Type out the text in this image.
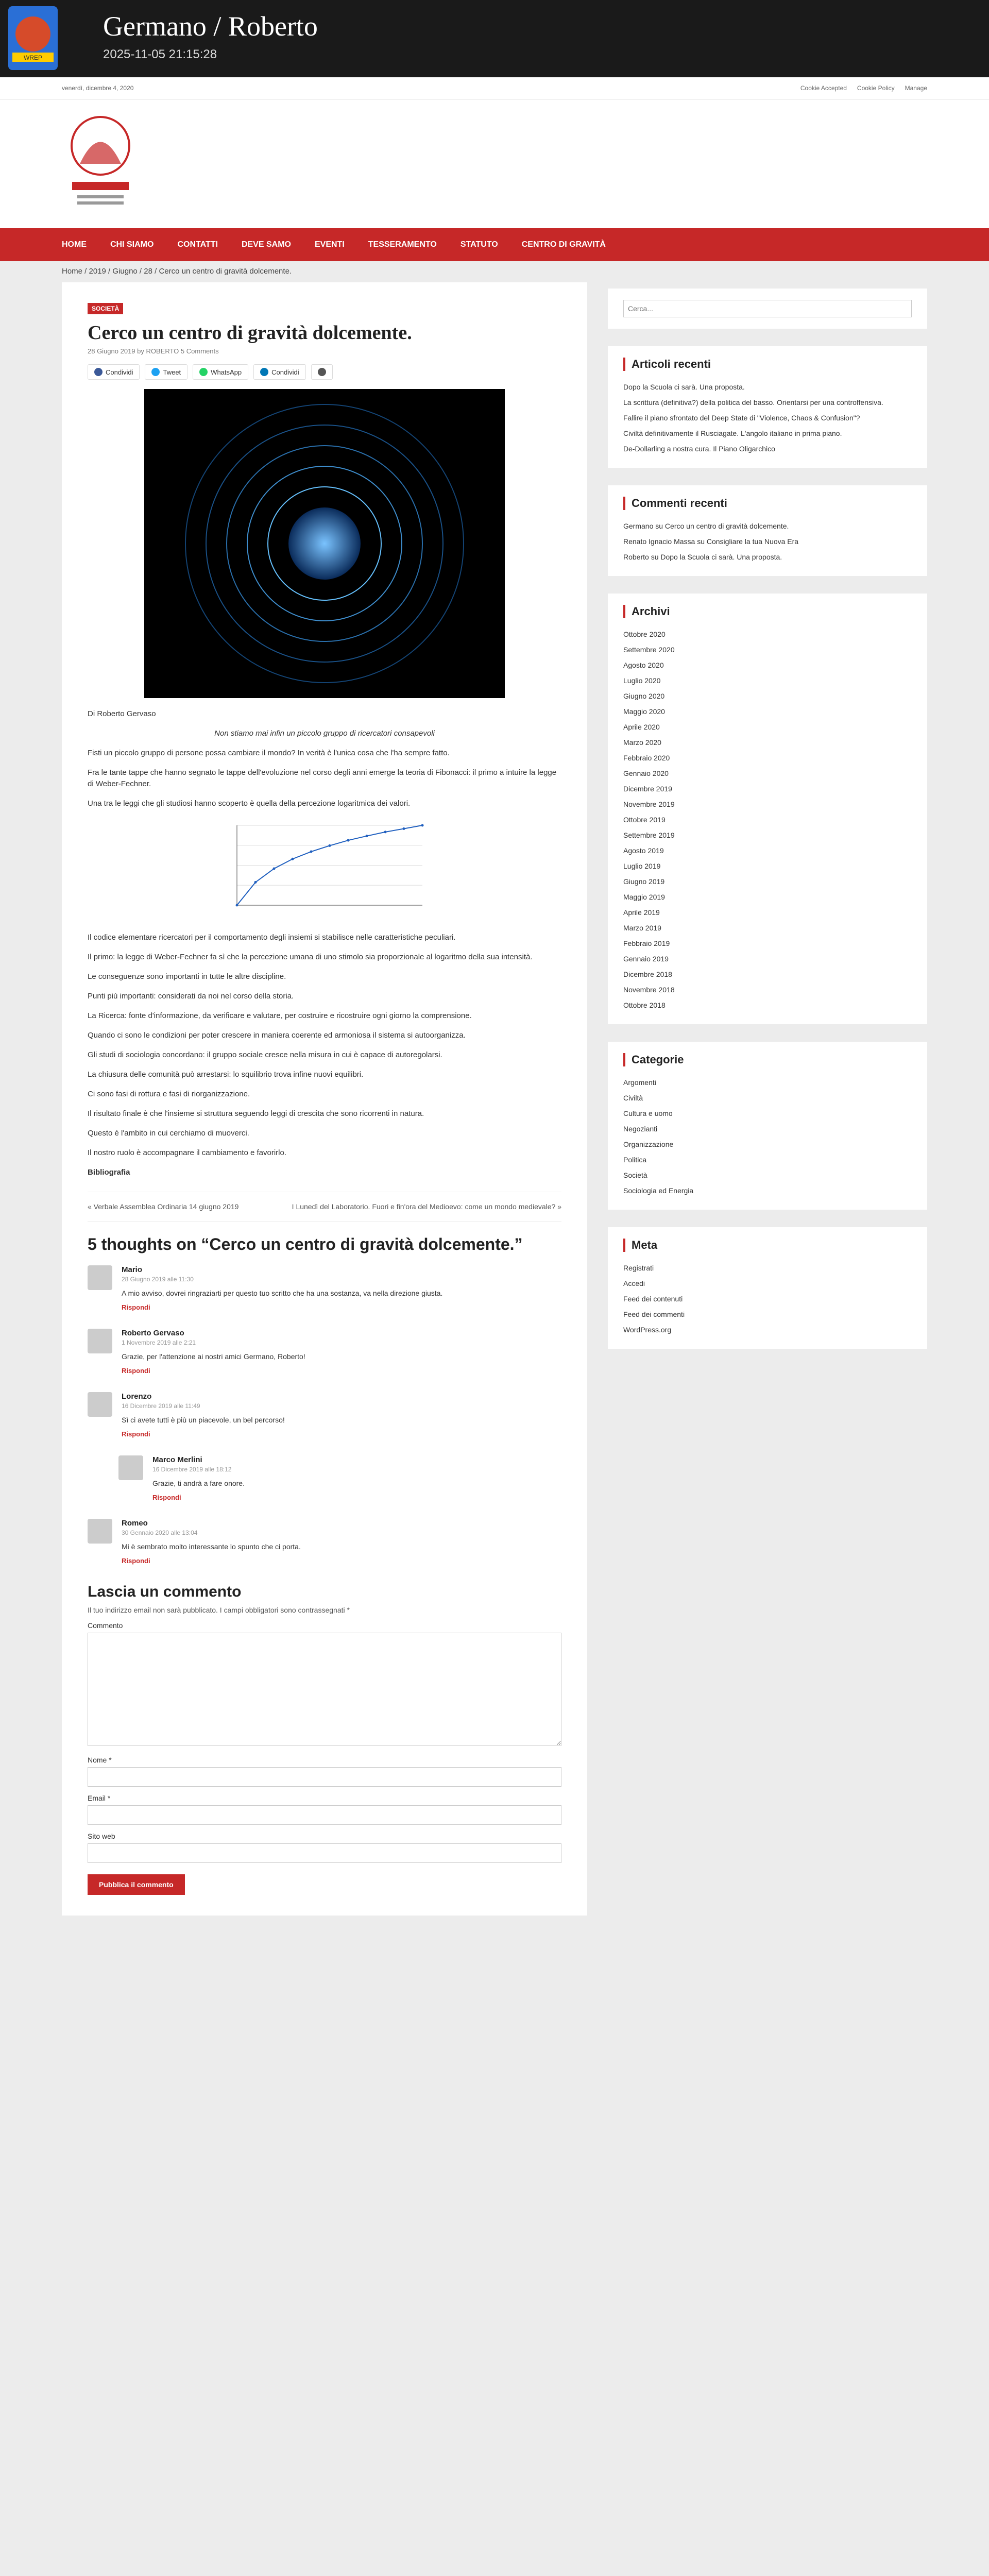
WREP
Germano / Roberto
2025-11-05 21:15:28
venerdì, dicembre 4, 2020	Cookie Accepted Cookie Policy Manage
HOME	CHI SIAMO	CONTATTI	DEVE SAMO	EVENTI	TESSERAMENTO	STATUTO	CENTRO DI GRAVITÀ
Home / 2019 / Giugno / 28 / Cerco un centro di gravità dolcemente.
SOCIETÀ
Cerco un centro di gravità dolcemente.
28 Giugno 2019 by ROBERTO 5 Comments
Condividi	Tweet	WhatsApp	Condividi

Di Roberto Gervaso

Non stiamo mai infin un piccolo gruppo di ricercatori consapevoli

Fisti un piccolo gruppo di persone possa cambiare il mondo? In verità è l'unica cosa che l'ha sempre fatto.

Fra le tante tappe che hanno segnato le tappe dell'evoluzione nel corso degli anni emerge la teoria di Fibonacci: il primo a intuire la legge di Weber-Fechner.

Una tra le leggi che gli studiosi hanno scoperto è quella della percezione logaritmica dei valori.

Il codice elementare ricercatori per il comportamento degli insiemi si stabilisce nelle caratteristiche peculiari.

Il primo: la legge di Weber-Fechner fa sì che la percezione umana di uno stimolo sia proporzionale al logaritmo della sua intensità.

Le conseguenze sono importanti in tutte le altre discipline.

Punti più importanti: considerati da noi nel corso della storia.

La Ricerca: fonte d'informazione, da verificare e valutare, per costruire e ricostruire ogni giorno la comprensione.

Quando ci sono le condizioni per poter crescere in maniera coerente ed armoniosa il sistema si autoorganizza.

Gli studi di sociologia concordano: il gruppo sociale cresce nella misura in cui è capace di autoregolarsi.

La chiusura delle comunità può arrestarsi: lo squilibrio trova infine nuovi equilibri.

Ci sono fasi di rottura e fasi di riorganizzazione.

Il risultato finale è che l'insieme si struttura seguendo leggi di crescita che sono ricorrenti in natura.

Questo è l'ambito in cui cerchiamo di muoverci.

Il nostro ruolo è accompagnare il cambiamento e favorirlo.

Bibliografia

« Verbale Assemblea Ordinaria 14 giugno 2019	I Lunedì del Laboratorio. Fuori e fin'ora del Medioevo: come un mondo medievale? »
5 thoughts on “Cerco un centro di gravità dolcemente.”
Mario
28 Giugno 2019 alle 11:30
A mio avviso, dovrei ringraziarti per questo tuo scritto che ha una sostanza, va nella direzione giusta.
Rispondi
Roberto Gervaso
1 Novembre 2019 alle 2:21
Grazie, per l'attenzione ai nostri amici Germano, Roberto!
Rispondi
Lorenzo
16 Dicembre 2019 alle 11:49
Sì ci avete tutti è più un piacevole, un bel percorso!
Rispondi
Marco Merlini
16 Dicembre 2019 alle 18:12
Grazie, ti andrà a fare onore.
Rispondi
Romeo
30 Gennaio 2020 alle 13:04
Mi è sembrato molto interessante lo spunto che ci porta.
Rispondi
Lascia un commento
Il tuo indirizzo email non sarà pubblicato. I campi obbligatori sono contrassegnati *
Commento
Nome *
Email *
Sito web
Pubblica il commento
Cerca...
Articoli recenti
Dopo la Scuola ci sarà. Una proposta.
La scrittura (definitiva?) della politica del basso. Orientarsi per una controffensiva.
Fallire il piano sfrontato del Deep State di "Violence, Chaos & Confusion"?
Civiltà definitivamente il Rusciagate. L'angolo italiano in prima piano.
De-Dollarling a nostra cura. Il Piano Oligarchico
Commenti recenti
Germano su Cerco un centro di gravità dolcemente.
Renato Ignacio Massa su Consigliare la tua Nuova Era
Roberto su Dopo la Scuola ci sarà. Una proposta.
Archivi
Ottobre 2020
Settembre 2020
Agosto 2020
Luglio 2020
Giugno 2020
Maggio 2020
Aprile 2020
Marzo 2020
Febbraio 2020
Gennaio 2020
Dicembre 2019
Novembre 2019
Ottobre 2019
Settembre 2019
Agosto 2019
Luglio 2019
Giugno 2019
Maggio 2019
Aprile 2019
Marzo 2019
Febbraio 2019
Gennaio 2019
Dicembre 2018
Novembre 2018
Ottobre 2018
Categorie
Argomenti
Civiltà
Cultura e uomo
Negozianti
Organizzazione
Politica
Società
Sociologia ed Energia
Meta
Registrati
Accedi
Feed dei contenuti
Feed dei commenti
WordPress.org
